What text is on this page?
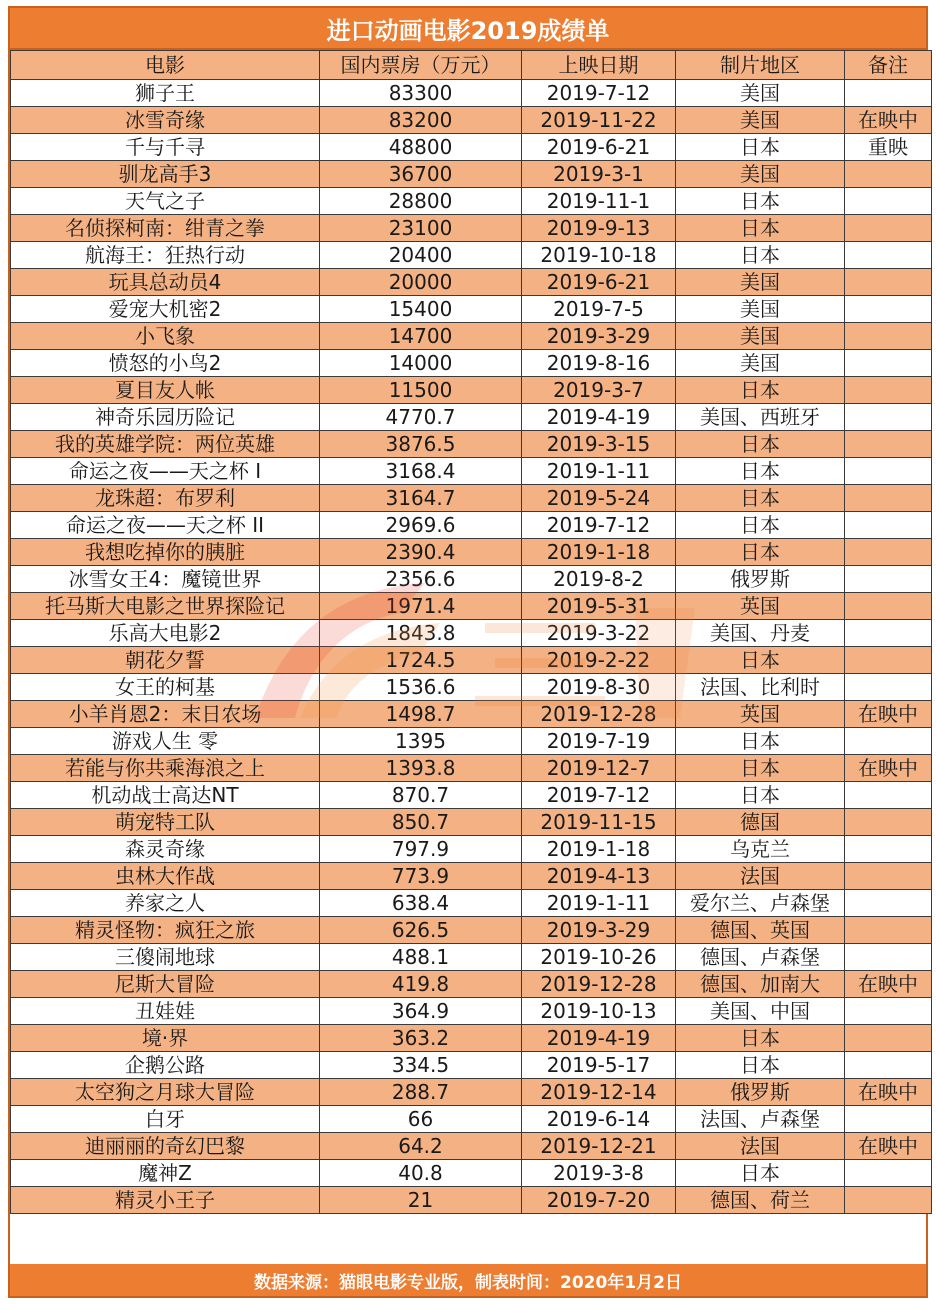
进口动画电影2019成绩单
电影	国内票房（万元）	上映日期	制片地区	备注
狮子王	83300	2019-7-12	美国	
冰雪奇缘	83200	2019-11-22	美国	在映中
千与千寻	48800	2019-6-21	日本	重映
驯龙高手3	36700	2019-3-1	美国	
天气之子	28800	2019-11-1	日本	
名侦探柯南：绀青之拳	23100	2019-9-13	日本	
航海王：狂热行动	20400	2019-10-18	日本	
玩具总动员4	20000	2019-6-21	美国	
爱宠大机密2	15400	2019-7-5	美国	
小飞象	14700	2019-3-29	美国	
愤怒的小鸟2	14000	2019-8-16	美国	
夏目友人帐	11500	2019-3-7	日本	
神奇乐园历险记	4770.7	2019-4-19	美国、西班牙	
我的英雄学院：两位英雄	3876.5	2019-3-15	日本	
命运之夜——天之杯 I	3168.4	2019-1-11	日本	
龙珠超：布罗利	3164.7	2019-5-24	日本	
命运之夜——天之杯 II	2969.6	2019-7-12	日本	
我想吃掉你的胰脏	2390.4	2019-1-18	日本	
冰雪女王4：魔镜世界	2356.6	2019-8-2	俄罗斯	
托马斯大电影之世界探险记	1971.4	2019-5-31	英国	
乐高大电影2	1843.8	2019-3-22	美国、丹麦	
朝花夕誓	1724.5	2019-2-22	日本	
女王的柯基	1536.6	2019-8-30	法国、比利时	
小羊肖恩2：末日农场	1498.7	2019-12-28	英国	在映中
游戏人生 零	1395	2019-7-19	日本	
若能与你共乘海浪之上	1393.8	2019-12-7	日本	在映中
机动战士高达NT	870.7	2019-7-12	日本	
萌宠特工队	850.7	2019-11-15	德国	
森灵奇缘	797.9	2019-1-18	乌克兰	
虫林大作战	773.9	2019-4-13	法国	
养家之人	638.4	2019-1-11	爱尔兰、卢森堡	
精灵怪物：疯狂之旅	626.5	2019-3-29	德国、英国	
三傻闹地球	488.1	2019-10-26	德国、卢森堡	
尼斯大冒险	419.8	2019-12-28	德国、加南大	在映中
丑娃娃	364.9	2019-10-13	美国、中国	
境·界	363.2	2019-4-19	日本	
企鹅公路	334.5	2019-5-17	日本	
太空狗之月球大冒险	288.7	2019-12-14	俄罗斯	在映中
白牙	66	2019-6-14	法国、卢森堡	
迪丽丽的奇幻巴黎	64.2	2019-12-21	法国	在映中
魔神Z	40.8	2019-3-8	日本	
精灵小王子	21	2019-7-20	德国、荷兰	
数据来源：猫眼电影专业版，制表时间：2020年1月2日
